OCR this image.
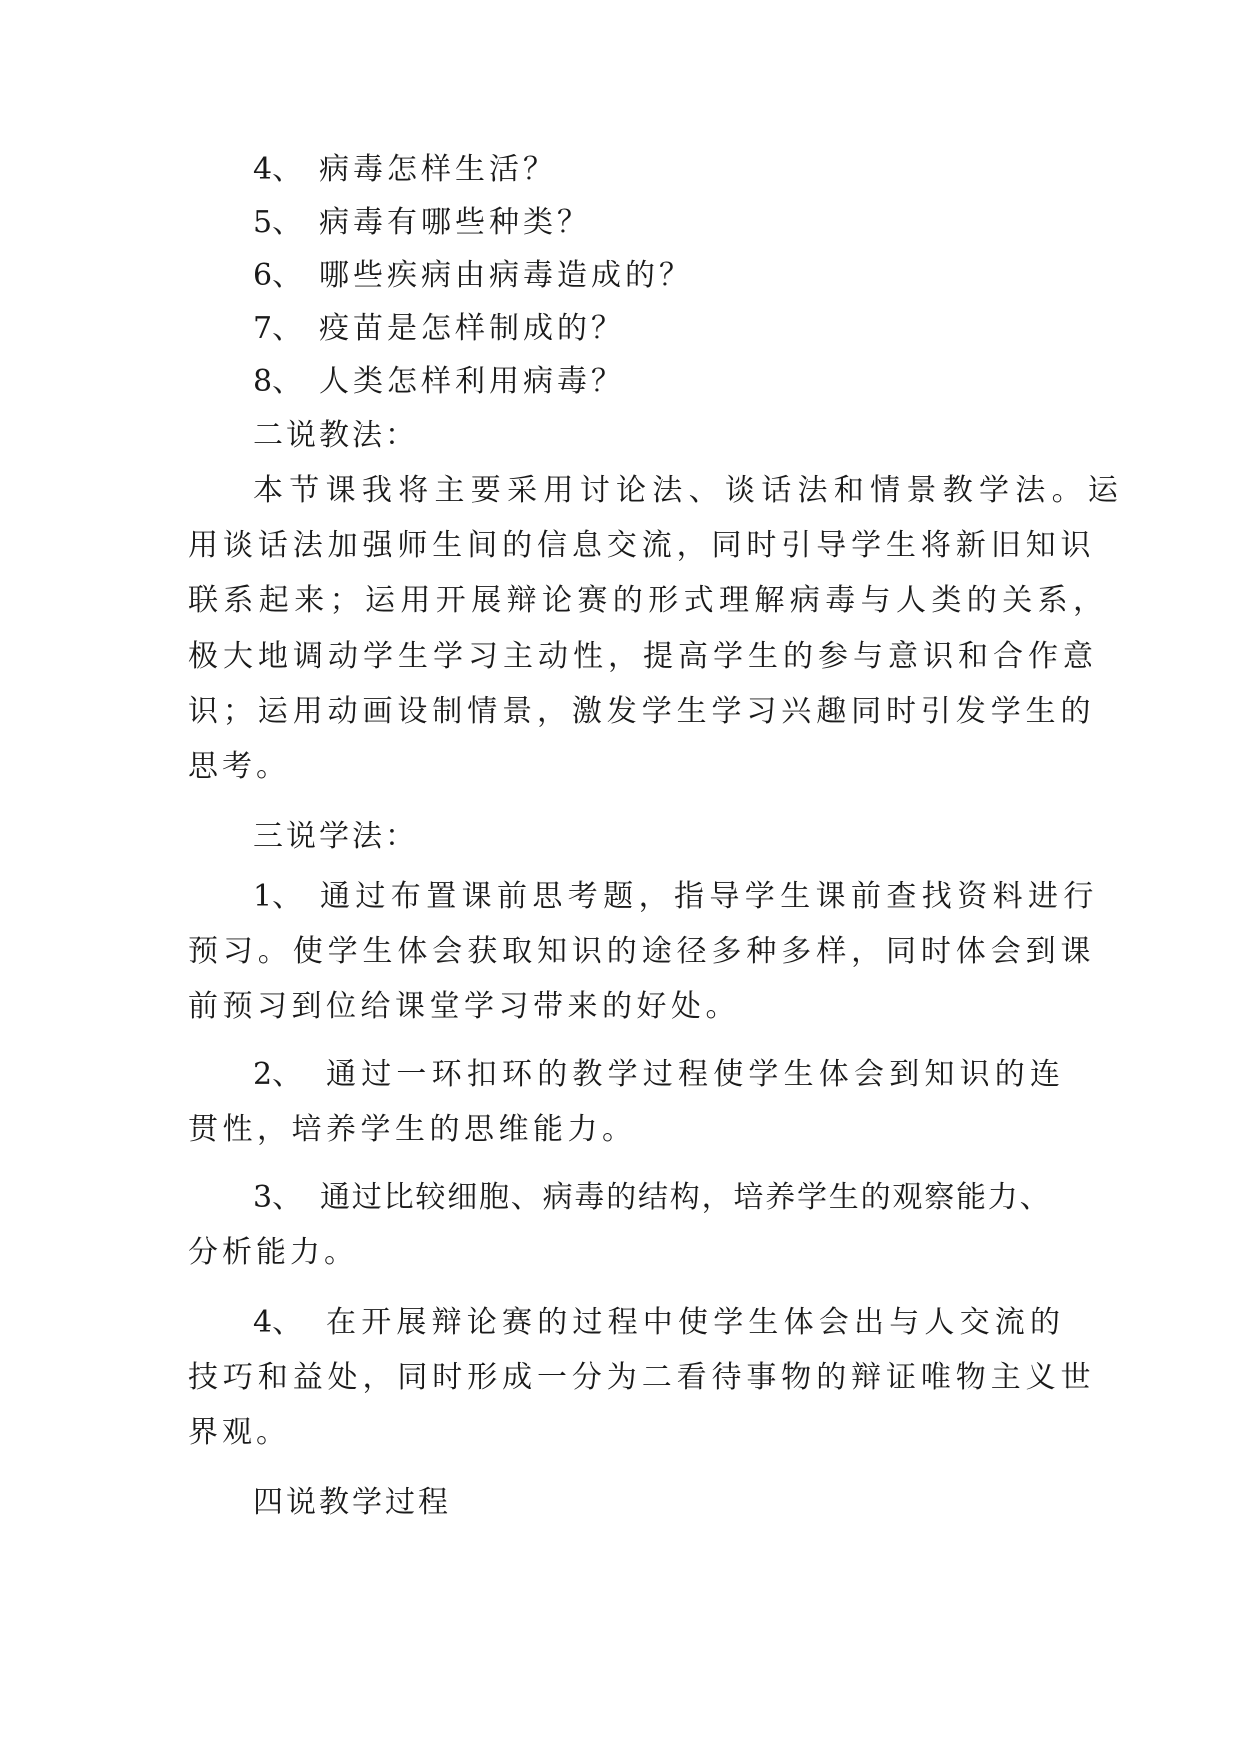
4、 病毒怎样生活？
5、 病毒有哪些种类？
6、 哪些疾病由病毒造成的？
7、 疫苗是怎样制成的？
8、 人类怎样利用病毒？
二说教法：
本节课我将主要采用讨论法、谈话法和情景教学法。运
用谈话法加强师生间的信息交流，同时引导学生将新旧知识
联系起来；运用开展辩论赛的形式理解病毒与人类的关系，
极大地调动学生学习主动性，提高学生的参与意识和合作意
识；运用动画设制情景，激发学生学习兴趣同时引发学生的
思考。
三说学法：
1、 通过布置课前思考题，指导学生课前查找资料进行
预习。使学生体会获取知识的途径多种多样，同时体会到课
前预习到位给课堂学习带来的好处。
2、 通过一环扣环的教学过程使学生体会到知识的连
贯性，培养学生的思维能力。
3、 通过比较细胞、病毒的结构，培养学生的观察能力、
分析能力。
4、 在开展辩论赛的过程中使学生体会出与人交流的
技巧和益处，同时形成一分为二看待事物的辩证唯物主义世
界观。
四说教学过程
